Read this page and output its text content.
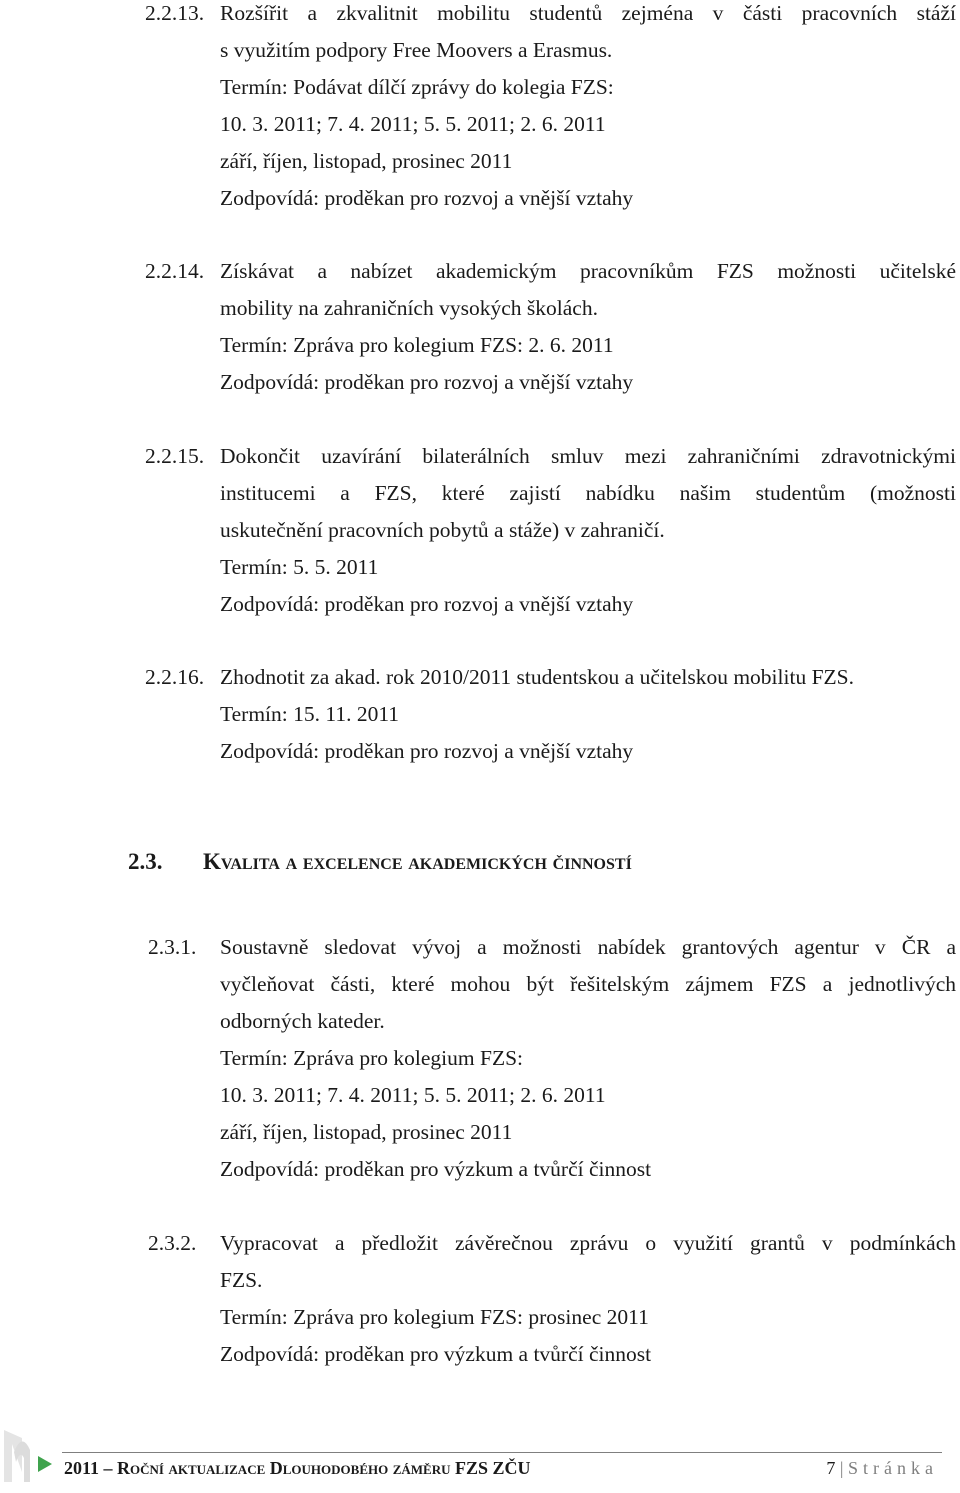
2.2.13. Rozšířit a zkvalitnit mobilitu studentů zejména v části pracovních stáží
s využitím podpory Free Moovers a Erasmus.
Termín: Podávat dílčí zprávy do kolegia FZS:
10. 3. 2011; 7. 4. 2011; 5. 5. 2011; 2. 6. 2011
září, říjen, listopad, prosinec 2011
Zodpovídá: proděkan pro rozvoj a vnější vztahy
2.2.14. Získávat a nabízet akademickým pracovníkům FZS možnosti učitelské
mobility na zahraničních vysokých školách.
Termín: Zpráva pro kolegium FZS: 2. 6. 2011
Zodpovídá: proděkan pro rozvoj a vnější vztahy
2.2.15. Dokončit uzavírání bilaterálních smluv mezi zahraničními zdravotnickými
institucemi a FZS, které zajistí nabídku našim studentům (možnosti
uskutečnění pracovních pobytů a stáže) v zahraničí.
Termín: 5. 5. 2011
Zodpovídá: proděkan pro rozvoj a vnější vztahy
2.2.16. Zhodnotit za akad. rok 2010/2011 studentskou a učitelskou mobilitu FZS.
Termín: 15. 11. 2011
Zodpovídá: proděkan pro rozvoj a vnější vztahy
2.3. Kvalita a excelence akademických činností
2.3.1. Soustavně sledovat vývoj a možnosti nabídek grantových agentur v ČR a
vyčleňovat části, které mohou být řešitelským zájmem FZS a jednotlivých
odborných kateder.
Termín: Zpráva pro kolegium FZS:
10. 3. 2011; 7. 4. 2011; 5. 5. 2011; 2. 6. 2011
září, říjen, listopad, prosinec 2011
Zodpovídá: proděkan pro výzkum a tvůrčí činnost
2.3.2. Vypracovat a předložit závěrečnou zprávu o využití grantů v podmínkách
FZS.
Termín: Zpráva pro kolegium FZS: prosinec 2011
Zodpovídá: proděkan pro výzkum a tvůrčí činnost
2011 – Roční aktualizace Dlouhodobého záměru FZS ZČU	7 | Stránka
